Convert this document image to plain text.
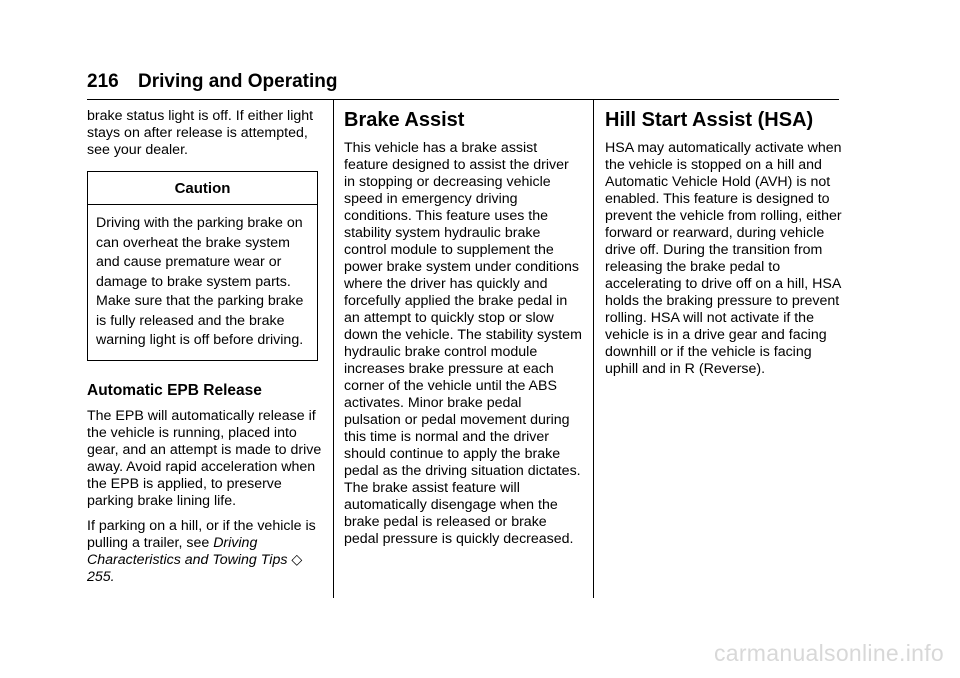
216 Driving and Operating

brake status light is off. If either light stays on after release is attempted, see your dealer.

Caution
Driving with the parking brake on can overheat the brake system and cause premature wear or damage to brake system parts. Make sure that the parking brake is fully released and the brake warning light is off before driving.
Automatic EPB Release

The EPB will automatically release if the vehicle is running, placed into gear, and an attempt is made to drive away. Avoid rapid acceleration when the EPB is applied, to preserve parking brake lining life.

If parking on a hill, or if the vehicle is pulling a trailer, see Driving Characteristics and Towing Tips ◇ 255.

Brake Assist

This vehicle has a brake assist feature designed to assist the driver in stopping or decreasing vehicle speed in emergency driving conditions. This feature uses the stability system hydraulic brake control module to supplement the power brake system under conditions where the driver has quickly and forcefully applied the brake pedal in an attempt to quickly stop or slow down the vehicle. The stability system hydraulic brake control module increases brake pressure at each corner of the vehicle until the ABS activates. Minor brake pedal pulsation or pedal movement during this time is normal and the driver should continue to apply the brake pedal as the driving situation dictates. The brake assist feature will automatically disengage when the brake pedal is released or brake pedal pressure is quickly decreased.

Hill Start Assist (HSA)

HSA may automatically activate when the vehicle is stopped on a hill and Automatic Vehicle Hold (AVH) is not enabled. This feature is designed to prevent the vehicle from rolling, either forward or rearward, during vehicle drive off. During the transition from releasing the brake pedal to accelerating to drive off on a hill, HSA holds the braking pressure to prevent rolling. HSA will not activate if the vehicle is in a drive gear and facing downhill or if the vehicle is facing uphill and in R (Reverse).

carmanualsonline.info
